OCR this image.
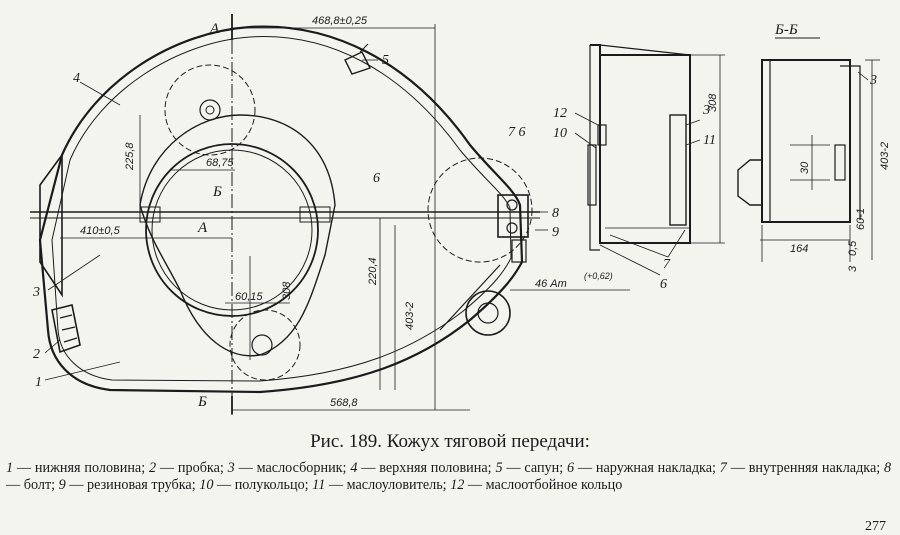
А
А
Б
Б
Б-Б
4
5
3
2
1
6
7 6
8
9
12
10
3
11
7
6
3
468,8±0,25
225,8	68,75
410±0,5
220,4
403-2
308
60,15
568,8
46 Ат
(+0,62)
308
403-2
30
60-1
164
3
0,5
Рис. 189. Кожух тяговой передачи:
1 — нижняя половина; 2 — пробка; 3 — маслосборник; 4 — верхняя половина; 5 — сапун; 6 — наружная накладка; 7 — внутренняя накладка; 8 — болт; 9 — резиновая трубка; 10 — полукольцо; 11 — маслоуловитель; 12 — маслоотбойное кольцо
277
